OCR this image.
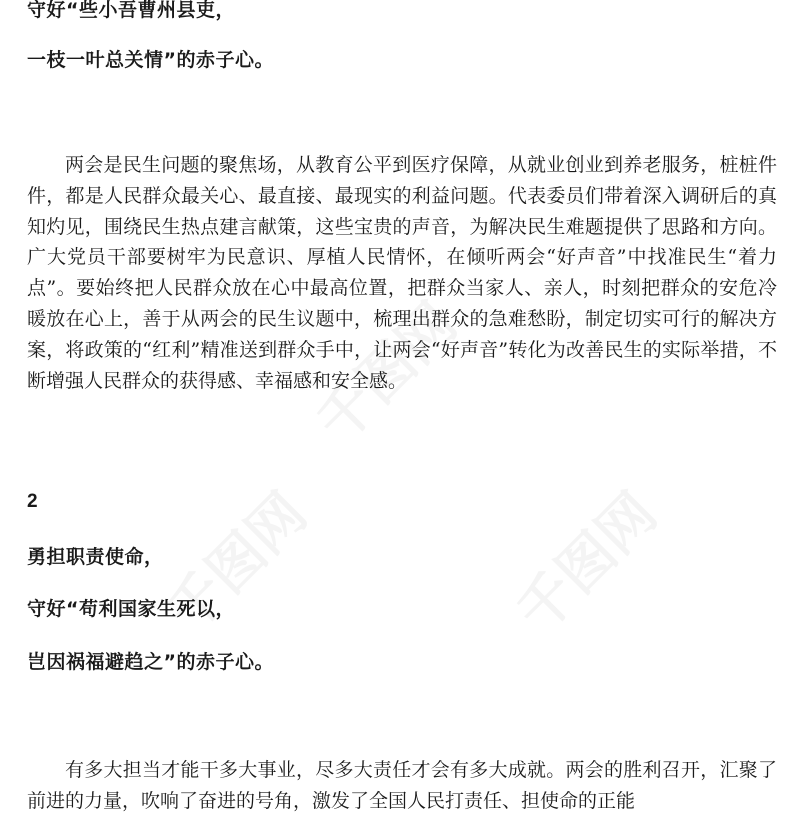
守好“些小吾曹州县吏，
一枝一叶总关情”的赤子心。
两会是民生问题的聚焦场，从教育公平到医疗保障，从就业创业到养老服务，桩桩件件，都是人民群众最关心、最直接、最现实的利益问题。代表委员们带着深入调研后的真知灼见，围绕民生热点建言献策，这些宝贵的声音，为解决民生难题提供了思路和方向。广大党员干部要树牢为民意识、厚植人民情怀，在倾听两会“好声音”中找准民生“着力点”。要始终把人民群众放在心中最高位置，把群众当家人、亲人，时刻把群众的安危冷暖放在心上，善于从两会的民生议题中，梳理出群众的急难愁盼，制定切实可行的解决方案，将政策的“红利”精准送到群众手中，让两会“好声音”转化为改善民生的实际举措，不断增强人民群众的获得感、幸福感和安全感。
2
勇担职责使命，
守好“苟利国家生死以，
岂因祸福避趋之”的赤子心。
有多大担当才能干多大事业，尽多大责任才会有多大成就。两会的胜利召开，汇聚了前进的力量，吹响了奋进的号角，激发了全国人民打责任、担使命的正能
